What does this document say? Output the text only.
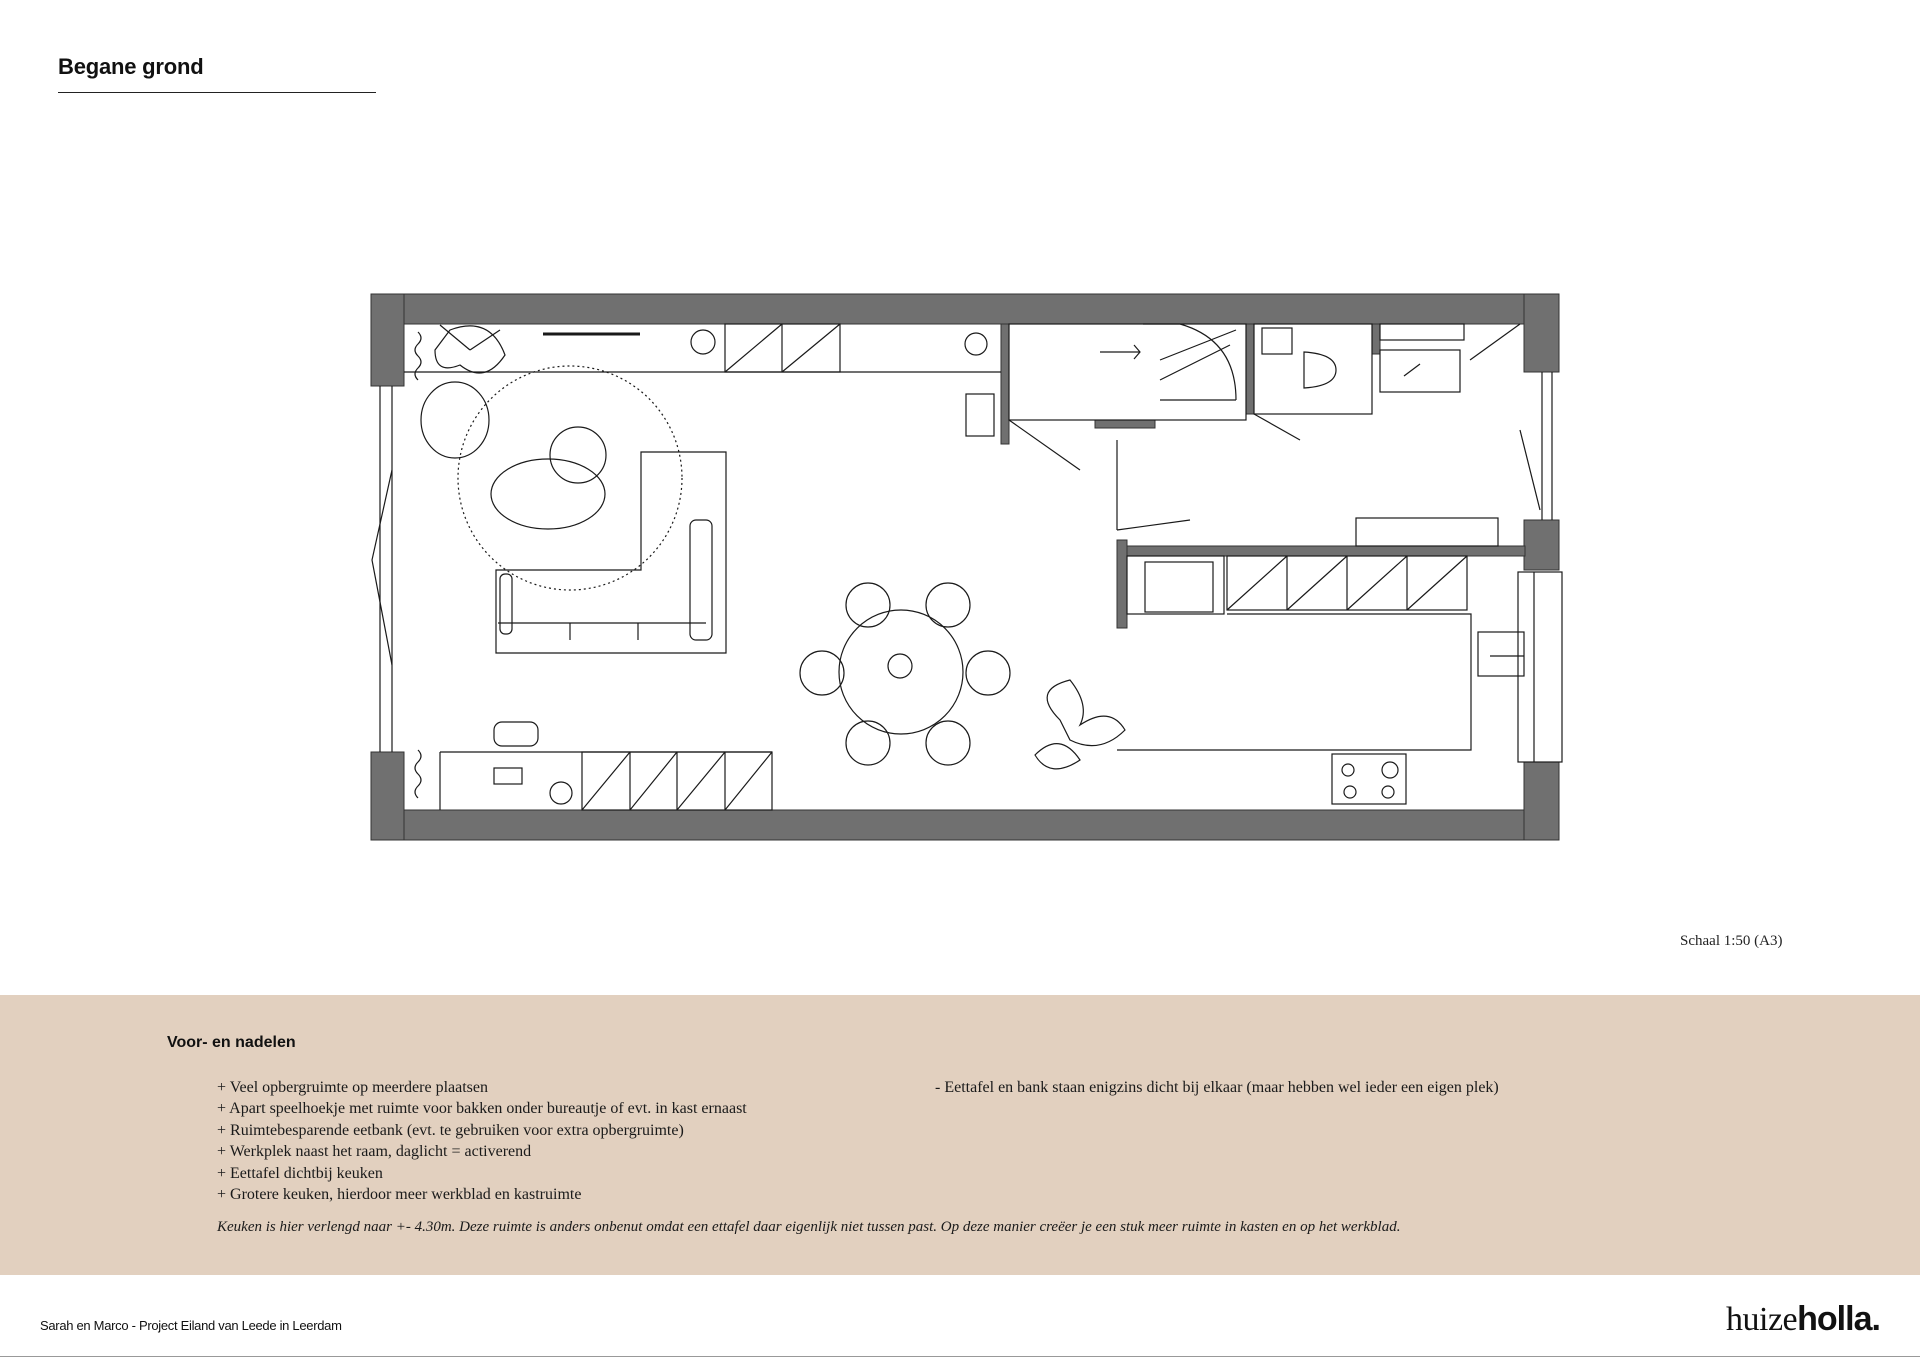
Begane grond
Schaal 1:50 (A3)
Voor- en nadelen
+ Veel opbergruimte op meerdere plaatsen
+ Apart speelhoekje met ruimte voor bakken onder bureautje of evt. in kast ernaast
+ Ruimtebesparende eetbank (evt. te gebruiken voor extra opbergruimte)
+ Werkplek naast het raam, daglicht = activerend
+ Eettafel dichtbij keuken
+ Grotere keuken, hierdoor meer werkblad en kastruimte
- Eettafel en bank staan enigzins dicht bij elkaar (maar hebben wel ieder een eigen plek)
Keuken is hier verlengd naar +- 4.30m. Deze ruimte is anders onbenut omdat een ettafel daar eigenlijk niet tussen past. Op deze manier creëer je een stuk meer ruimte in kasten en op het werkblad.
Sarah en Marco - Project Eiland van Leede in Leerdam	huizeholla.
